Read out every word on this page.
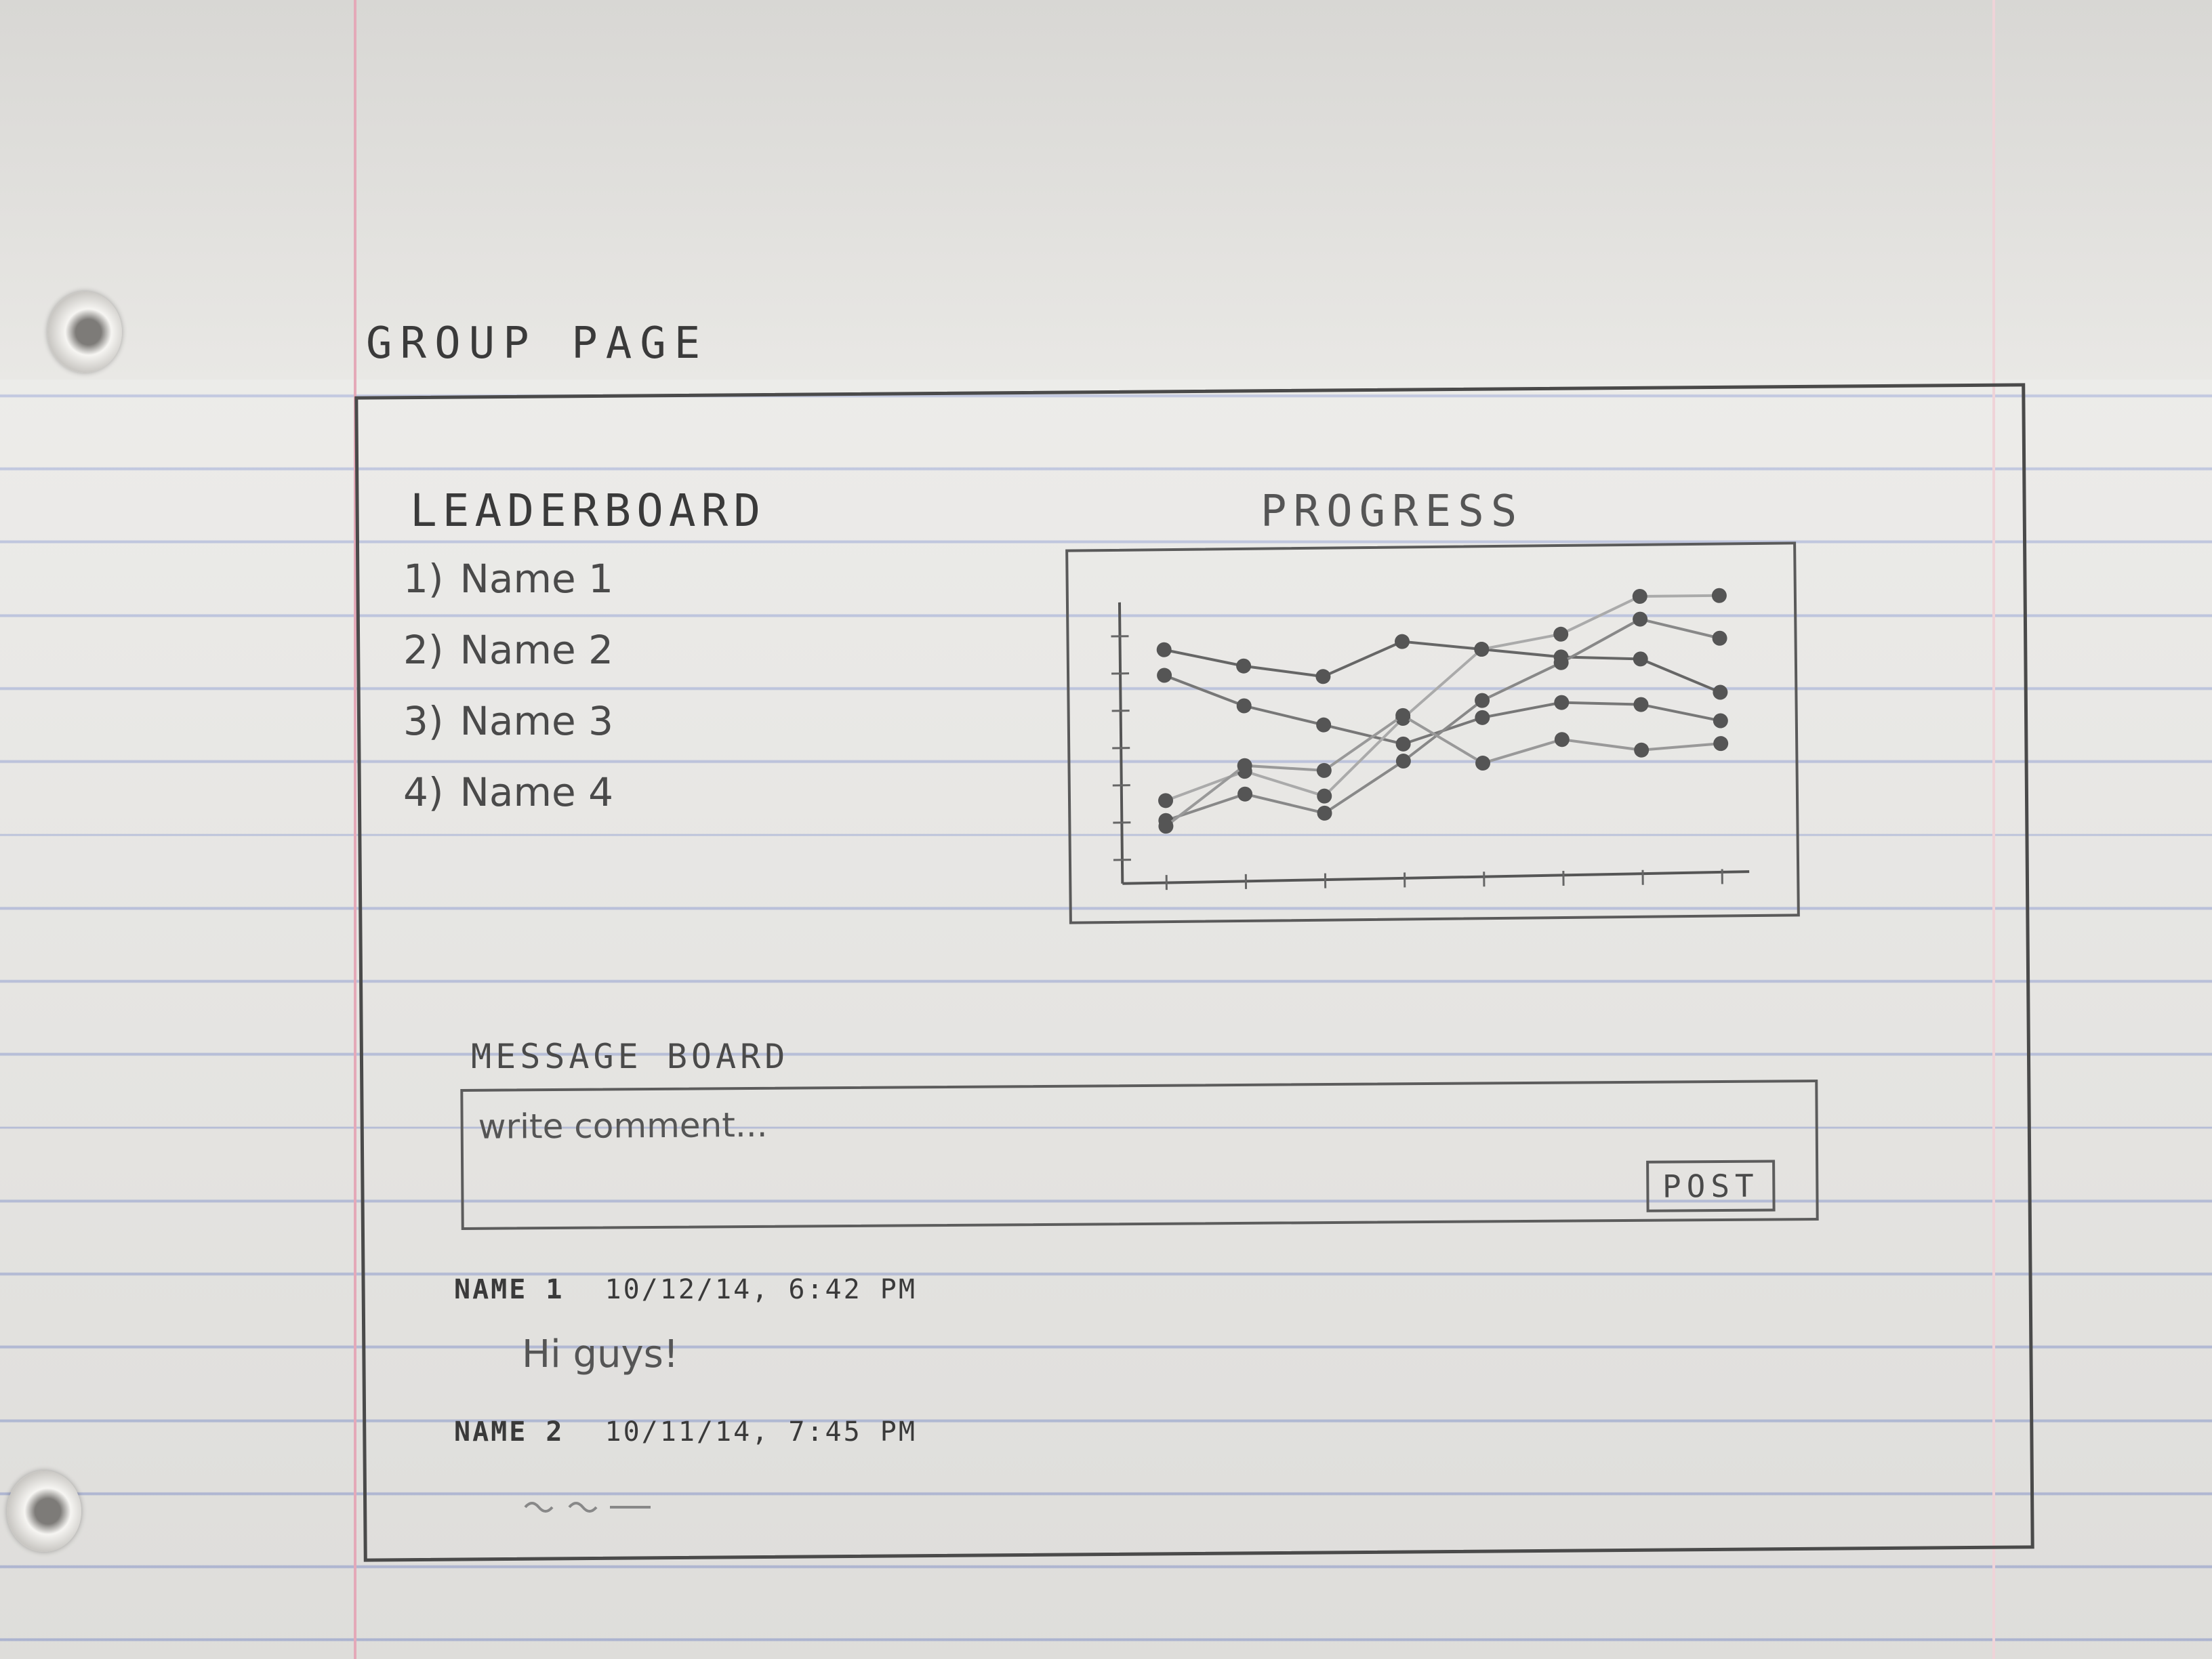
GROUP PAGE
LEADERBOARD
1) Name 1
2) Name 2
3) Name 3
4) Name 4
PROGRESS
MESSAGE BOARD
write comment...
POST
NAME 1 10/12/14, 6:42 PM
Hi guys!
NAME 2 10/11/14, 7:45 PM
